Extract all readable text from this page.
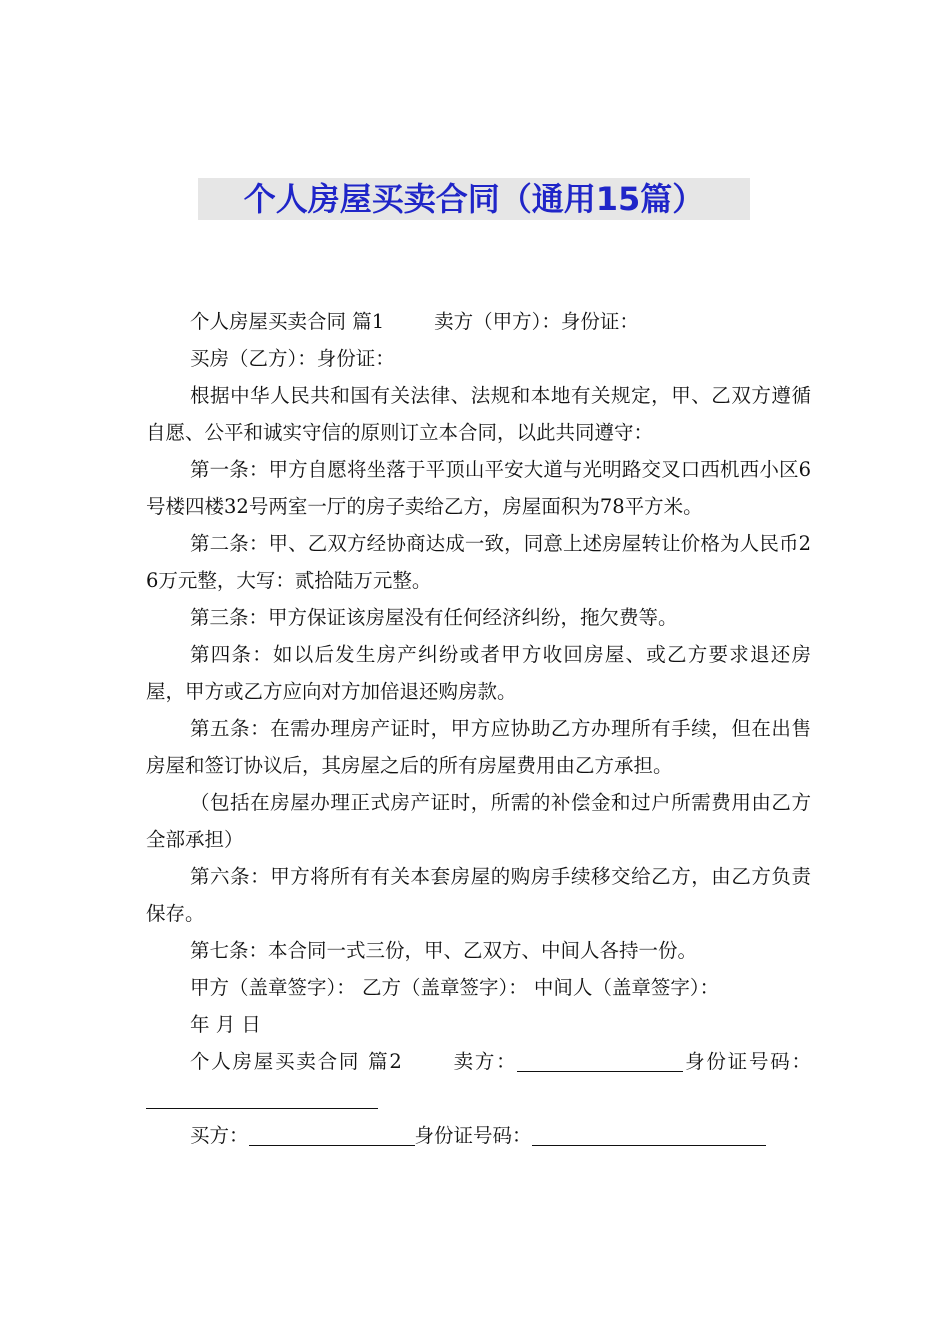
个人房屋买卖合同（通用15篇）

个人房屋买卖合同 篇1	卖方（甲方）：身份证：

买房（乙方）：身份证：

根据中华人民共和国有关法律、法规和本地有关规定，甲、乙双方遵循自愿、公平和诚实守信的原则订立本合同，以此共同遵守：

第一条：甲方自愿将坐落于平顶山平安大道与光明路交叉口西机西小区6号楼四楼32号两室一厅的房子卖给乙方，房屋面积为78平方米。

第二条：甲、乙双方经协商达成一致，同意上述房屋转让价格为人民币26万元整，大写：贰拾陆万元整。

第三条：甲方保证该房屋没有任何经济纠纷，拖欠费等。

第四条：如以后发生房产纠纷或者甲方收回房屋、或乙方要求退还房屋，甲方或乙方应向对方加倍退还购房款。

第五条：在需办理房产证时，甲方应协助乙方办理所有手续，但在出售房屋和签订协议后，其房屋之后的所有房屋费用由乙方承担。

（包括在房屋办理正式房产证时，所需的补偿金和过户所需费用由乙方全部承担）

第六条：甲方将所有有关本套房屋的购房手续移交给乙方，由乙方负责保存。

第七条：本合同一式三份，甲、乙双方、中间人各持一份。

甲方（盖章签字）： 乙方（盖章签字）： 中间人（盖章签字）：

年 月 日

个人房屋买卖合同 篇2	卖方：	身份证号码：

买方：	身份证号码：
